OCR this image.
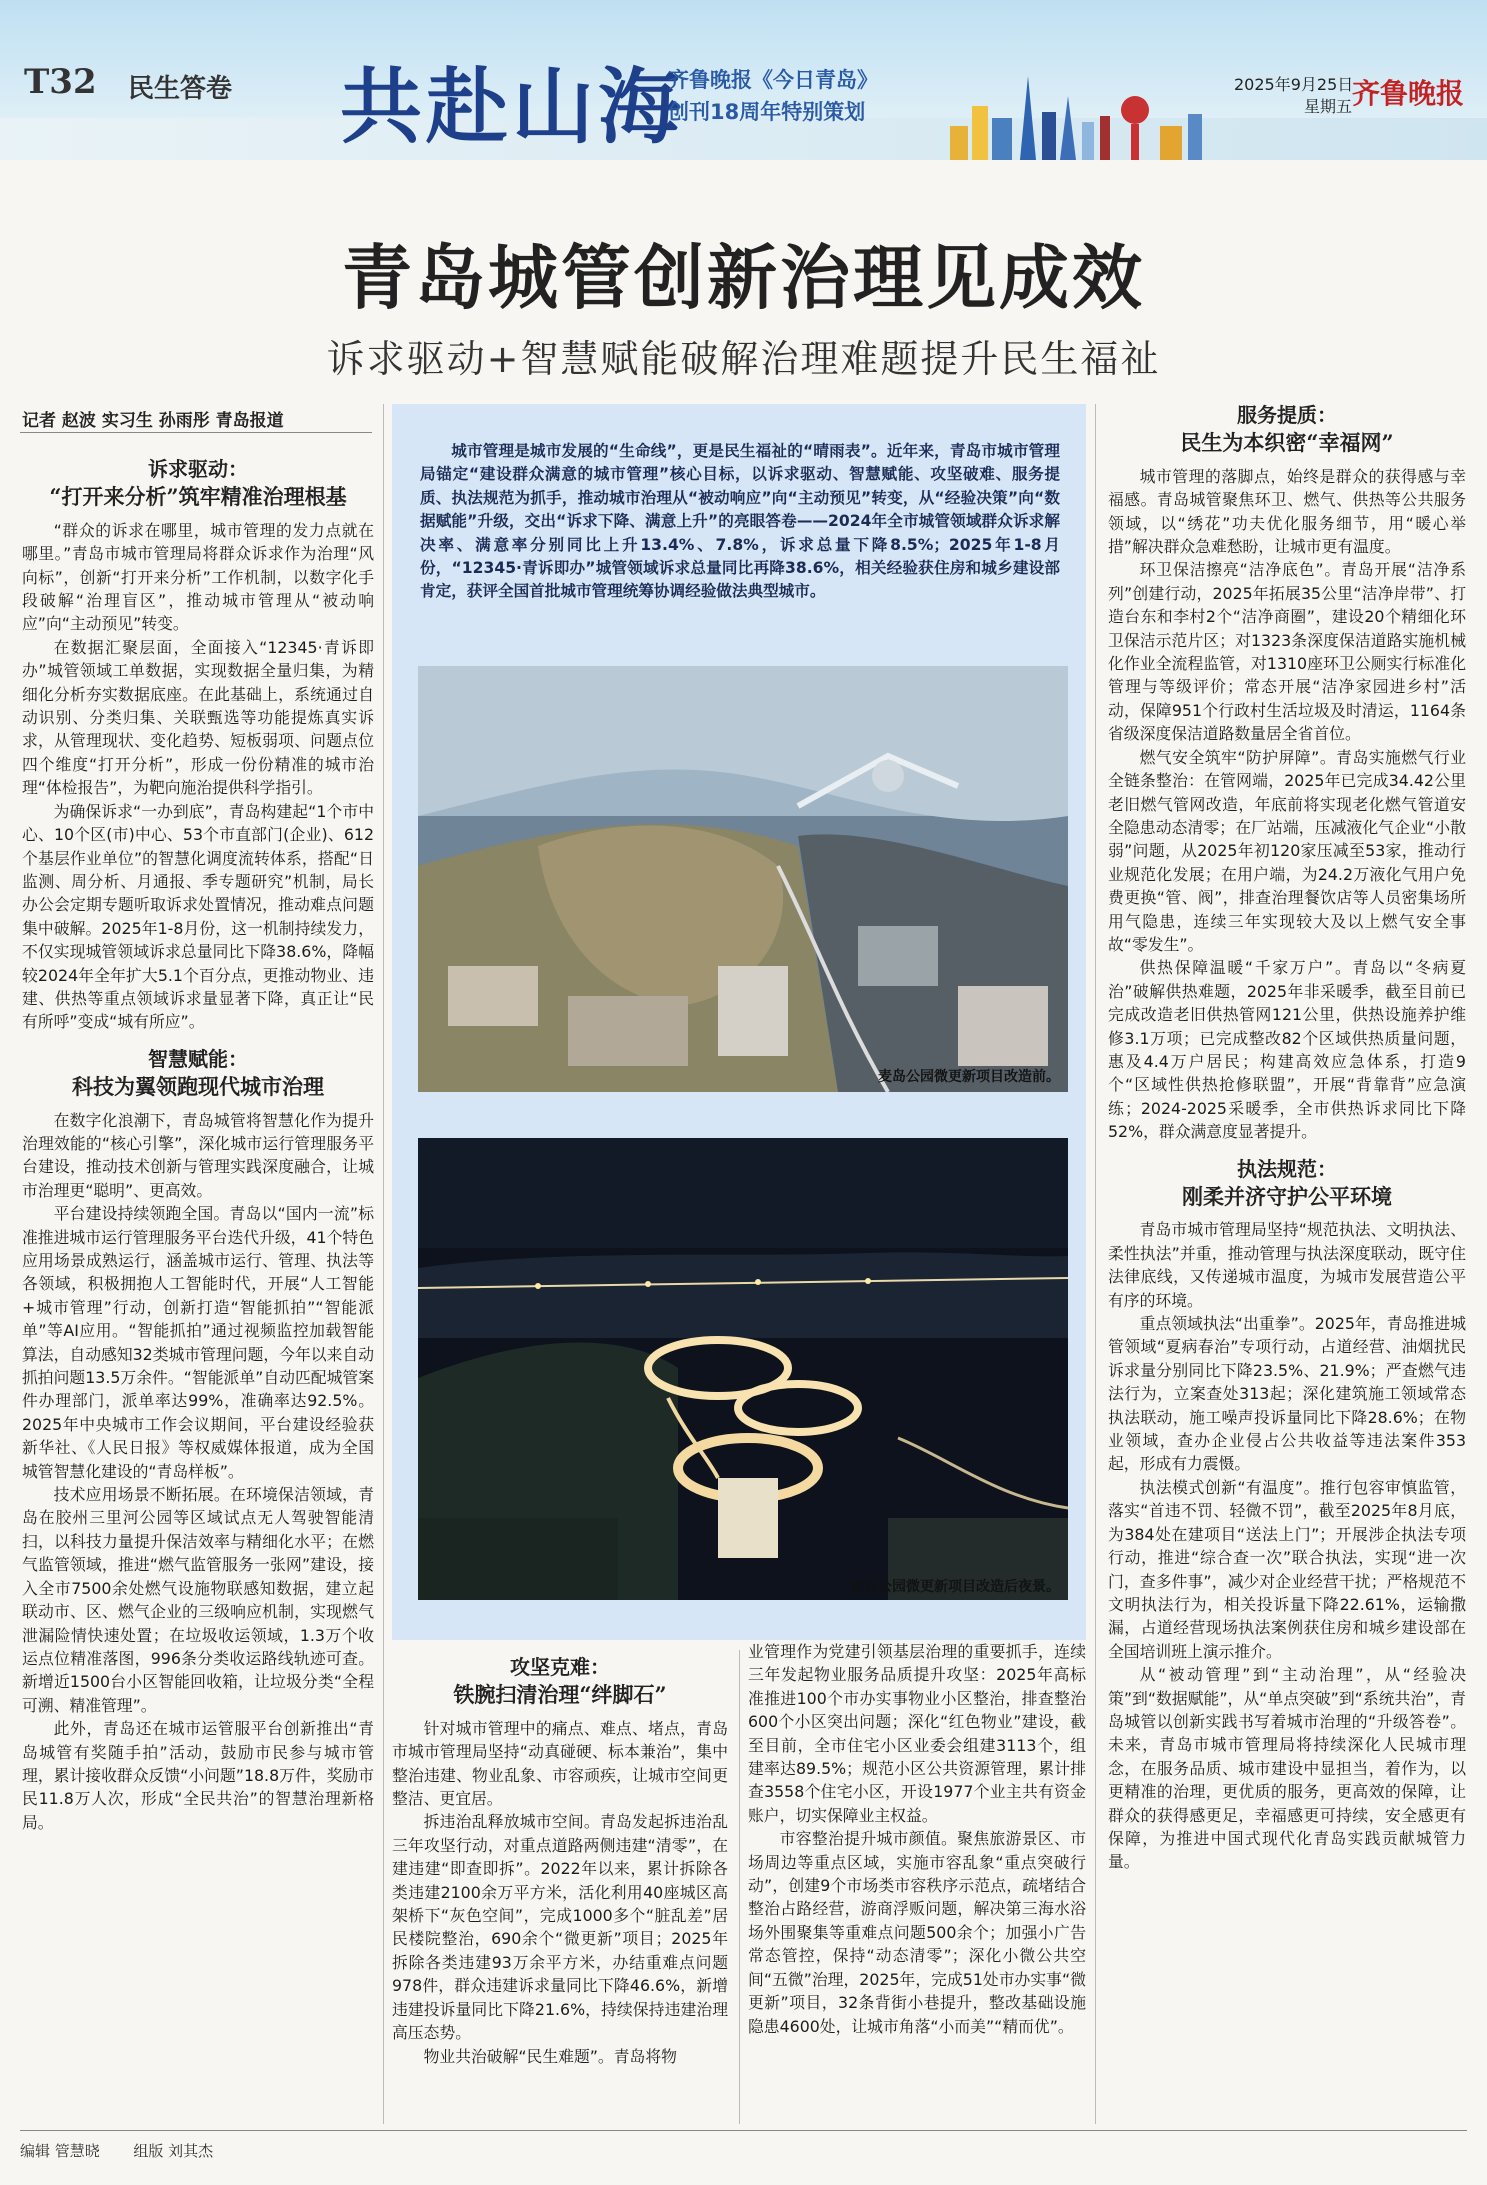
T32 民生答卷 共赴山海
齐鲁晚报《今日青岛》
创刊18周年特别策划
2025年9月25日
星期五 齐鲁晚报
青岛城管创新治理见成效
诉求驱动+智慧赋能破解治理难题提升民生福祉
记者 赵波 实习生 孙雨彤 青岛报道
诉求驱动：
“打开来分析”筑牢精准治理根基

“群众的诉求在哪里，城市管理的发力点就在哪里。”青岛市城市管理局将群众诉求作为治理“风向标”，创新“打开来分析”工作机制，以数字化手段破解“治理盲区”，推动城市管理从“被动响应”向“主动预见”转变。

在数据汇聚层面，全面接入“12345·青诉即办”城管领域工单数据，实现数据全量归集，为精细化分析夯实数据底座。在此基础上，系统通过自动识别、分类归集、关联甄选等功能提炼真实诉求，从管理现状、变化趋势、短板弱项、问题点位四个维度“打开分析”，形成一份份精准的城市治理“体检报告”，为靶向施治提供科学指引。

为确保诉求“一办到底”，青岛构建起“1个市中心、10个区(市)中心、53个市直部门(企业)、612个基层作业单位”的智慧化调度流转体系，搭配“日监测、周分析、月通报、季专题研究”机制，局长办公会定期专题听取诉求处置情况，推动难点问题集中破解。2025年1-8月份，这一机制持续发力，不仅实现城管领域诉求总量同比下降38.6%，降幅较2024年全年扩大5.1个百分点，更推动物业、违建、供热等重点领域诉求量显著下降，真正让“民有所呼”变成“城有所应”。

智慧赋能：
科技为翼领跑现代城市治理

在数字化浪潮下，青岛城管将智慧化作为提升治理效能的“核心引擎”，深化城市运行管理服务平台建设，推动技术创新与管理实践深度融合，让城市治理更“聪明”、更高效。

平台建设持续领跑全国。青岛以“国内一流”标准推进城市运行管理服务平台迭代升级，41个特色应用场景成熟运行，涵盖城市运行、管理、执法等各领域，积极拥抱人工智能时代，开展“人工智能+城市管理”行动，创新打造“智能抓拍”“智能派单”等AI应用。“智能抓拍”通过视频监控加载智能算法，自动感知32类城市管理问题，今年以来自动抓拍问题13.5万余件。“智能派单”自动匹配城管案件办理部门，派单率达99%，准确率达92.5%。2025年中央城市工作会议期间，平台建设经验获新华社、《人民日报》等权威媒体报道，成为全国城管智慧化建设的“青岛样板”。

技术应用场景不断拓展。在环境保洁领域，青岛在胶州三里河公园等区域试点无人驾驶智能清扫，以科技力量提升保洁效率与精细化水平；在燃气监管领域，推进“燃气监管服务一张网”建设，接入全市7500余处燃气设施物联感知数据，建立起联动市、区、燃气企业的三级响应机制，实现燃气泄漏险情快速处置；在垃圾收运领域，1.3万个收运点位精准落图，996条分类收运路线轨迹可查。新增近1500台小区智能回收箱，让垃圾分类“全程可溯、精准管理”。

此外，青岛还在城市运管服平台创新推出“青岛城管有奖随手拍”活动，鼓励市民参与城市管理，累计接收群众反馈“小问题”18.8万件，奖励市民11.8万人次，形成“全民共治”的智慧治理新格局。

城市管理是城市发展的“生命线”，更是民生福祉的“晴雨表”。近年来，青岛市城市管理局锚定“建设群众满意的城市管理”核心目标，以诉求驱动、智慧赋能、攻坚破难、服务提质、执法规范为抓手，推动城市治理从“被动响应”向“主动预见”转变，从“经验决策”向“数据赋能”升级，交出“诉求下降、满意上升”的亮眼答卷——2024年全市城管领域群众诉求解决率、满意率分别同比上升13.4%、7.8%，诉求总量下降8.5%；2025年1-8月份，“12345·青诉即办”城管领域诉求总量同比再降38.6%，相关经验获住房和城乡建设部肯定，获评全国首批城市管理统筹协调经验做法典型城市。
麦岛公园微更新项目改造前。
麦岛公园微更新项目改造后夜景。
攻坚克难：
铁腕扫清治理“绊脚石”

针对城市管理中的痛点、难点、堵点，青岛市城市管理局坚持“动真碰硬、标本兼治”，集中整治违建、物业乱象、市容顽疾，让城市空间更整洁、更宜居。

拆违治乱释放城市空间。青岛发起拆违治乱三年攻坚行动，对重点道路两侧违建“清零”，在建违建“即查即拆”。2022年以来，累计拆除各类违建2100余万平方米，活化利用40座城区高架桥下“灰色空间”，完成1000多个“脏乱差”居民楼院整治，690余个“微更新”项目；2025年拆除各类违建93万余平方米，办结重难点问题978件，群众违建诉求量同比下降46.6%，新增违建投诉量同比下降21.6%，持续保持违建治理高压态势。

物业共治破解“民生难题”。青岛将物

业管理作为党建引领基层治理的重要抓手，连续三年发起物业服务品质提升攻坚：2025年高标准推进100个市办实事物业小区整治，排查整治600个小区突出问题；深化“红色物业”建设，截至目前，全市住宅小区业委会组建3113个，组建率达89.5%；规范小区公共资源管理，累计排查3558个住宅小区，开设1977个业主共有资金账户，切实保障业主权益。

市容整治提升城市颜值。聚焦旅游景区、市场周边等重点区域，实施市容乱象“重点突破行动”，创建9个市场类市容秩序示范点，疏堵结合整治占路经营，游商浮贩问题，解决第三海水浴场外围聚集等重难点问题500余个；加强小广告常态管控，保持“动态清零”；深化小微公共空间“五微”治理，2025年，完成51处市办实事“微更新”项目，32条背街小巷提升，整改基础设施隐患4600处，让城市角落“小而美”“精而优”。

服务提质：
民生为本织密“幸福网”

城市管理的落脚点，始终是群众的获得感与幸福感。青岛城管聚焦环卫、燃气、供热等公共服务领域，以“绣花”功夫优化服务细节，用“暖心举措”解决群众急难愁盼，让城市更有温度。

环卫保洁擦亮“洁净底色”。青岛开展“洁净系列”创建行动，2025年拓展35公里“洁净岸带”、打造台东和李村2个“洁净商圈”，建设20个精细化环卫保洁示范片区；对1323条深度保洁道路实施机械化作业全流程监管，对1310座环卫公厕实行标准化管理与等级评价；常态开展“洁净家园进乡村”活动，保障951个行政村生活垃圾及时清运，1164条省级深度保洁道路数量居全省首位。

燃气安全筑牢“防护屏障”。青岛实施燃气行业全链条整治：在管网端，2025年已完成34.42公里老旧燃气管网改造，年底前将实现老化燃气管道安全隐患动态清零；在厂站端，压减液化气企业“小散弱”问题，从2025年初120家压减至53家，推动行业规范化发展；在用户端，为24.2万液化气用户免费更换“管、阀”，排查治理餐饮店等人员密集场所用气隐患，连续三年实现较大及以上燃气安全事故“零发生”。

供热保障温暖“千家万户”。青岛以“冬病夏治”破解供热难题，2025年非采暖季，截至目前已完成改造老旧供热管网121公里，供热设施养护维修3.1万项；已完成整改82个区域供热质量问题，惠及4.4万户居民；构建高效应急体系，打造9个“区域性供热抢修联盟”，开展“背靠背”应急演练；2024-2025采暖季，全市供热诉求同比下降52%，群众满意度显著提升。

执法规范：
刚柔并济守护公平环境

青岛市城市管理局坚持“规范执法、文明执法、柔性执法”并重，推动管理与执法深度联动，既守住法律底线，又传递城市温度，为城市发展营造公平有序的环境。

重点领域执法“出重拳”。2025年，青岛推进城管领域“夏病春治”专项行动，占道经营、油烟扰民诉求量分别同比下降23.5%、21.9%；严查燃气违法行为，立案查处313起；深化建筑施工领域常态执法联动，施工噪声投诉量同比下降28.6%；在物业领域，查办企业侵占公共收益等违法案件353起，形成有力震慑。

执法模式创新“有温度”。推行包容审慎监管，落实“首违不罚、轻微不罚”，截至2025年8月底，为384处在建项目“送法上门”；开展涉企执法专项行动，推进“综合查一次”联合执法，实现“进一次门，查多件事”，减少对企业经营干扰；严格规范不文明执法行为，相关投诉量下降22.61%，运输撒漏，占道经营现场执法案例获住房和城乡建设部在全国培训班上演示推介。

从“被动管理”到“主动治理”，从“经验决策”到“数据赋能”，从“单点突破”到“系统共治”，青岛城管以创新实践书写着城市治理的“升级答卷”。未来，青岛市城市管理局将持续深化人民城市理念，在服务品质、城市建设中显担当，着作为，以更精准的治理，更优质的服务，更高效的保障，让群众的获得感更足，幸福感更可持续，安全感更有保障，为推进中国式现代化青岛实践贡献城管力量。

编辑 管慧晓 组版 刘其杰
